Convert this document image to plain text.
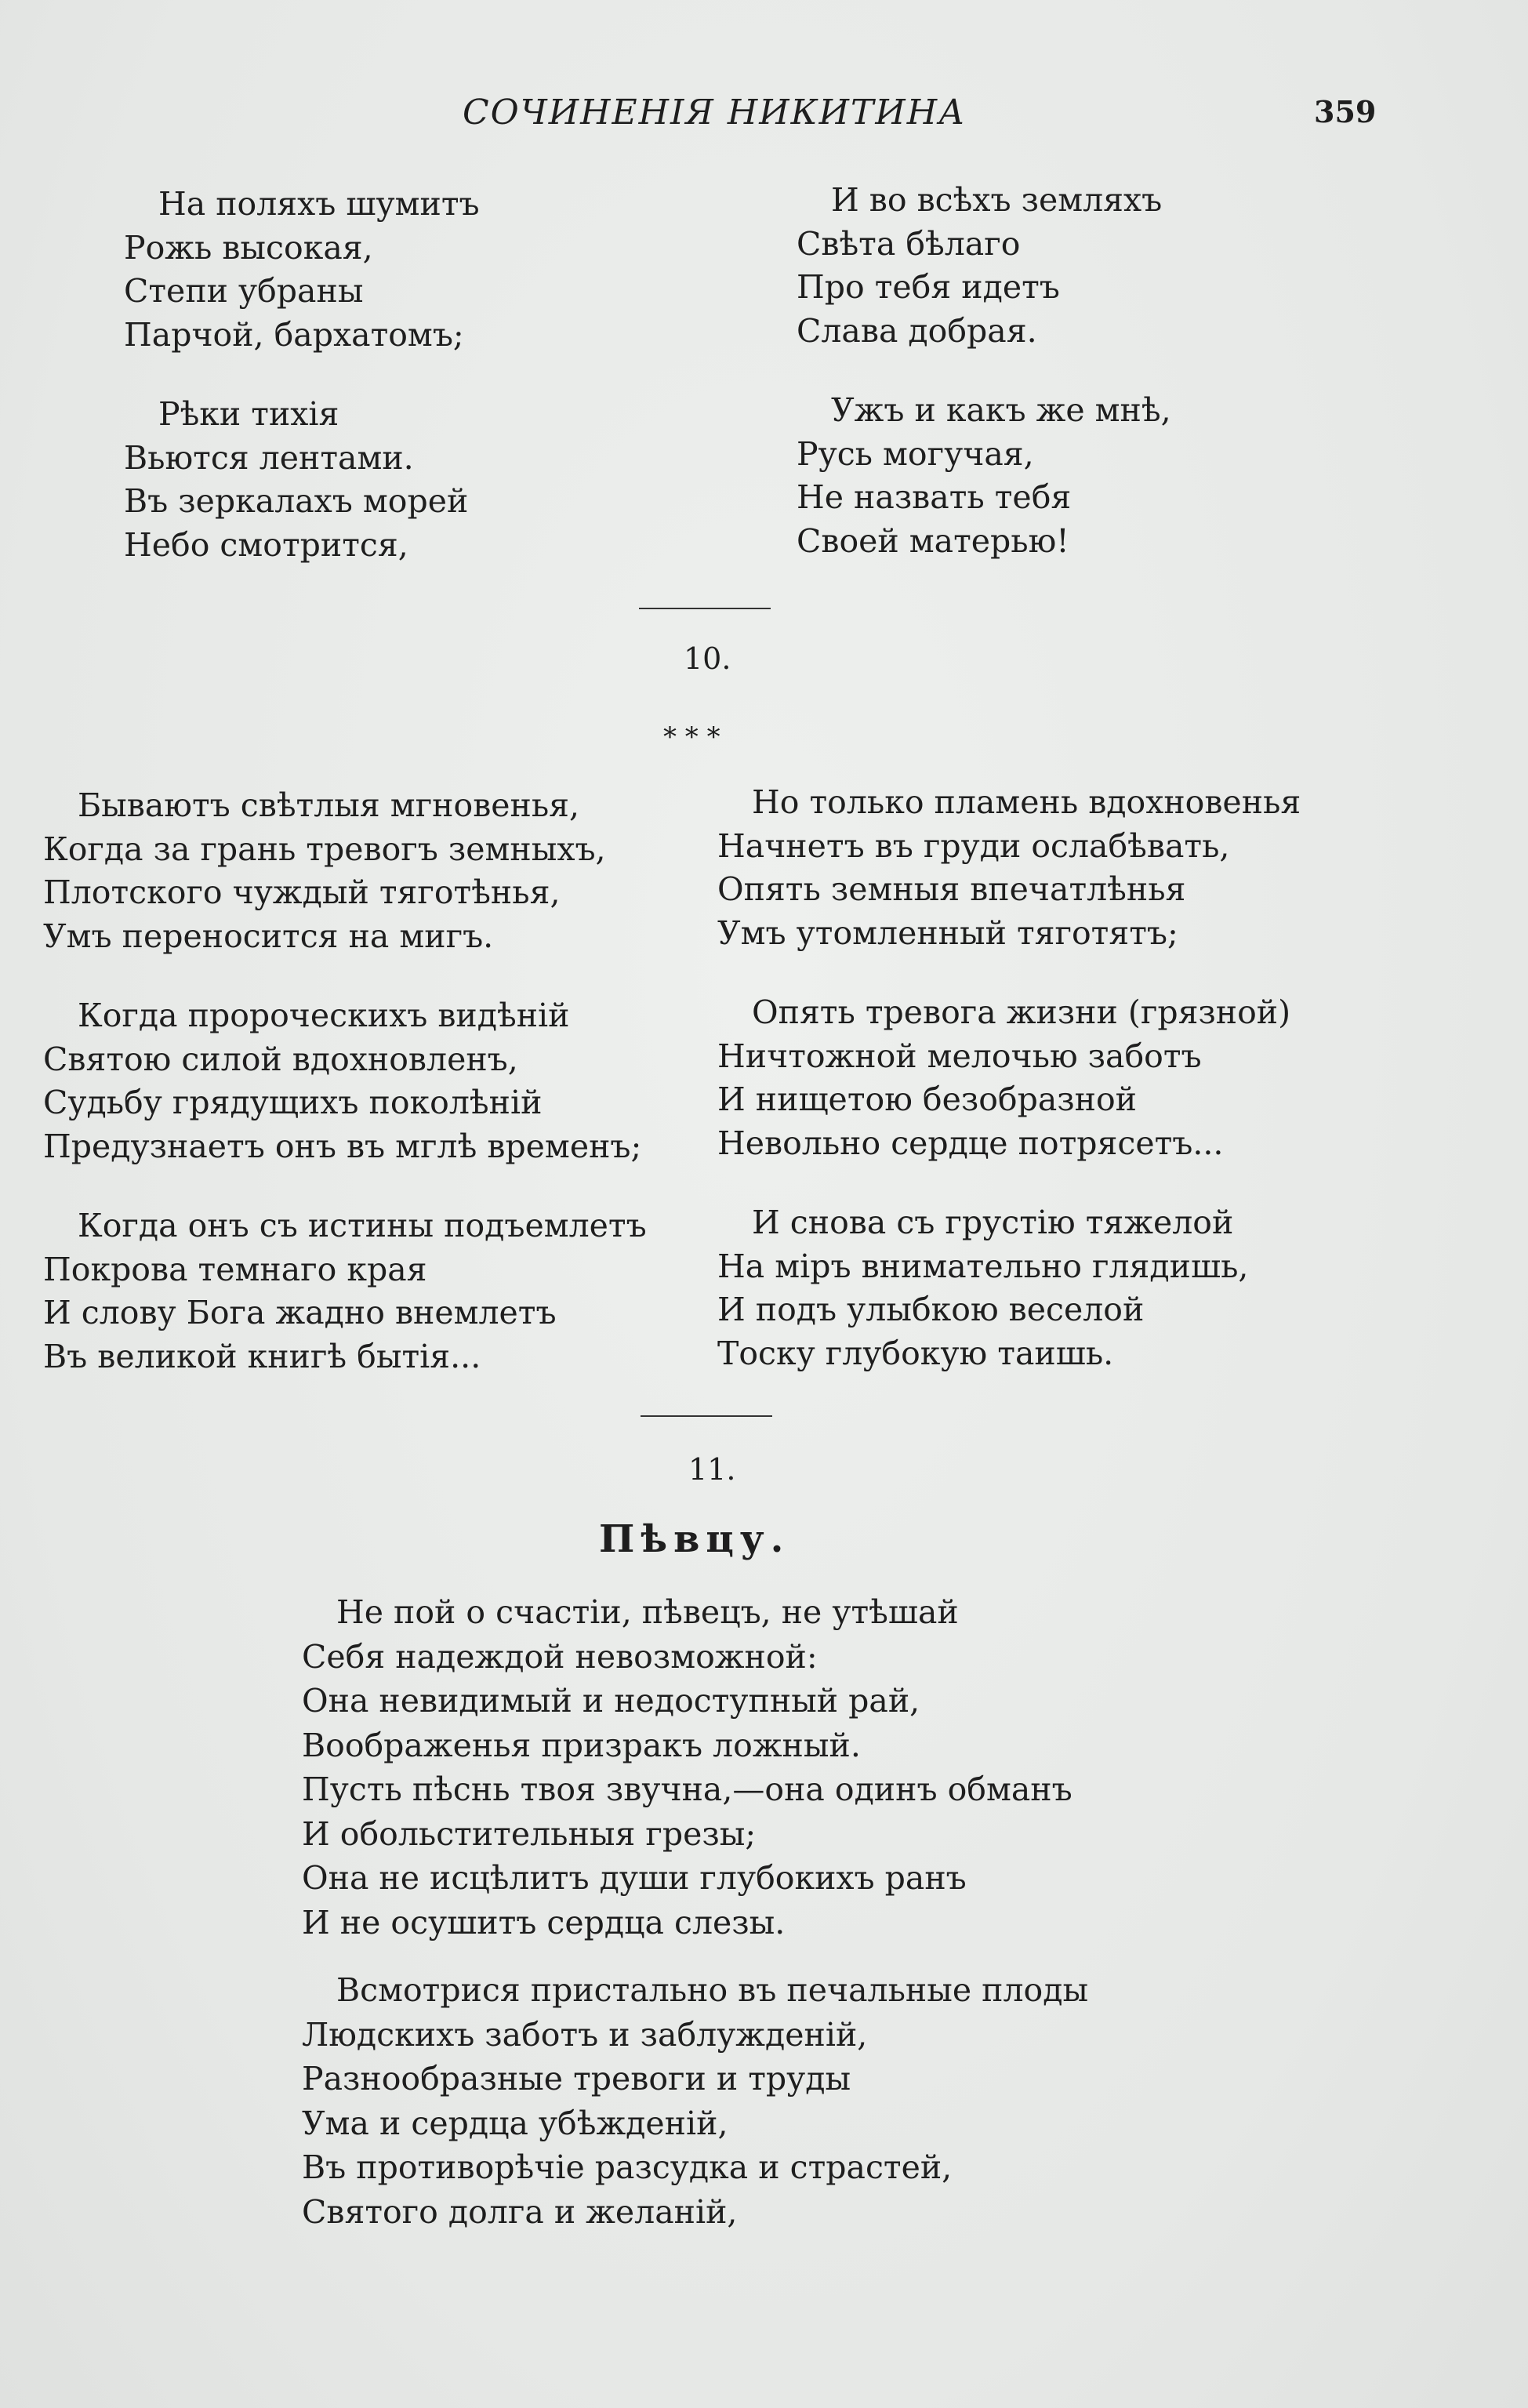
СОЧИНЕНІЯ НИКИТИНА	359
На поляхъ шумитъ
Рожь высокая,
Степи убраны
Парчой, бархатомъ;
Рѣки тихія
Вьются лентами.
Въ зеркалахъ морей
Небо смотрится,
И во всѣхъ земляхъ
Свѣта бѣлаго
Про тебя идетъ
Слава добрая.
Ужъ и какъ же мнѣ,
Русь могучая,
Не назвать тебя
Своей матерью!
10.
* * *
Бываютъ свѣтлыя мгновенья,
Когда за грань тревогъ земныхъ,
Плотского чуждый тяготѣнья,
Умъ переносится на мигъ.
Когда пророческихъ видѣній
Святою силой вдохновленъ,
Судьбу грядущихъ поколѣній
Предузнаетъ онъ въ мглѣ временъ;
Когда онъ съ истины подъемлетъ
Покрова темнаго края
И слову Бога жадно внемлетъ
Въ великой книгѣ бытія...
Но только пламень вдохновенья
Начнетъ въ груди ослабѣвать,
Опять земныя впечатлѣнья
Умъ утомленный тяготятъ;
Опять тревога жизни (грязной)
Ничтожной мелочью заботъ
И нищетою безобразной
Невольно сердце потрясетъ...
И снова съ грустію тяжелой
На міръ внимательно глядишь,
И подъ улыбкою веселой
Тоску глубокую таишь.
11.
Пѣвцу.
Не пой о счастіи, пѣвецъ, не утѣшай
Себя надеждой невозможной:
Она невидимый и недоступный рай,
Воображенья призракъ ложный.
Пусть пѣснь твоя звучна,—она одинъ обманъ
И обольстительныя грезы;
Она не исцѣлитъ души глубокихъ ранъ
И не осушитъ сердца слезы.
Всмотрися пристально въ печальные плоды
Людскихъ заботъ и заблужденій,
Разнообразные тревоги и труды
Ума и сердца убѣжденій,
Въ противорѣчіе разсудка и страстей,
Святого долга и желаній,
